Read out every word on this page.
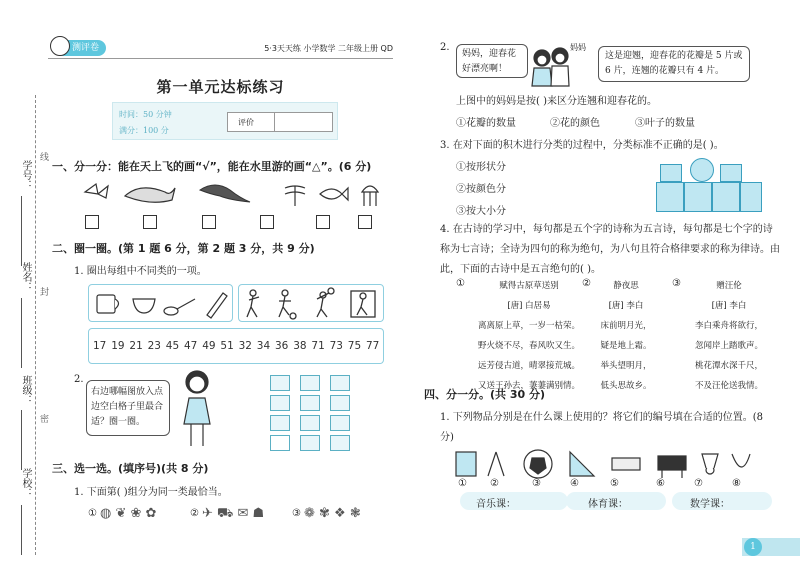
学号：
姓名：
班级：
学校：
线
封
密
测评卷	5·3天天练 小学数学 二年级上册 QD
第一单元达标练习
时间：50 分钟
满分：100 分
评价
一、分一分：能在天上飞的画“√”，能在水里游的画“△”。(6 分)
二、圈一圈。(第 1 题 6 分，第 2 题 3 分，共 9 分)
1. 圈出每组中不同类的一项。
17 19 21 23 45 47 49 51 32 34 36 38 71 73 75 77
2.
右边哪幅图放入点边空白格子里最合适？圈一圈。
三、选一选。(填序号)(共 8 分)
1. 下面第( )组分为同一类最恰当。
① ◍ ❦ ❀ ✿	② ✈ ⛟ ✉ ☗	③ ❁ ✾ ❖ ❃
2.
妈妈，迎春花好漂亮啊！
妈妈
这是迎翘，迎春花的花瓣是 5 片或 6 片，连翘的花瓣只有 4 片。
上图中的妈妈是按( )来区分连翘和迎春花的。
①花瓣的数量	②花的颜色	③叶子的数量
3. 在对下面的积木进行分类的过程中，分类标准不正确的是( )。
①按形状分
②按颜色分
③按大小分
4. 在古诗的学习中，每句都是五个字的诗称为五言诗，每句都是七个字的诗称为七言诗；全诗为四句的称为绝句，为八句且符合格律要求的称为律诗。由此，下面的古诗中是五言绝句的( )。
①	赋得古原草送别
[唐] 白居易
离离原上草，一岁一枯荣。
野火烧不尽，春风吹又生。
远芳侵古道，晴翠接荒城。
又送王孙去，萋萋满别情。
②	静夜思
[唐] 李白
床前明月光，
疑是地上霜。
举头望明月，
低头思故乡。
③	赠汪伦
[唐] 李白
李白乘舟将欲行，
忽闻岸上踏歌声。
桃花潭水深千尺，
不及汪伦送我情。
四、分一分。(共 30 分)
1. 下列物品分别是在什么课上使用的？将它们的编号填在合适的位置。(8 分)
① ②	③	④	⑤	⑥	⑦	⑧
音乐课：	体育课：	数学课：
1
